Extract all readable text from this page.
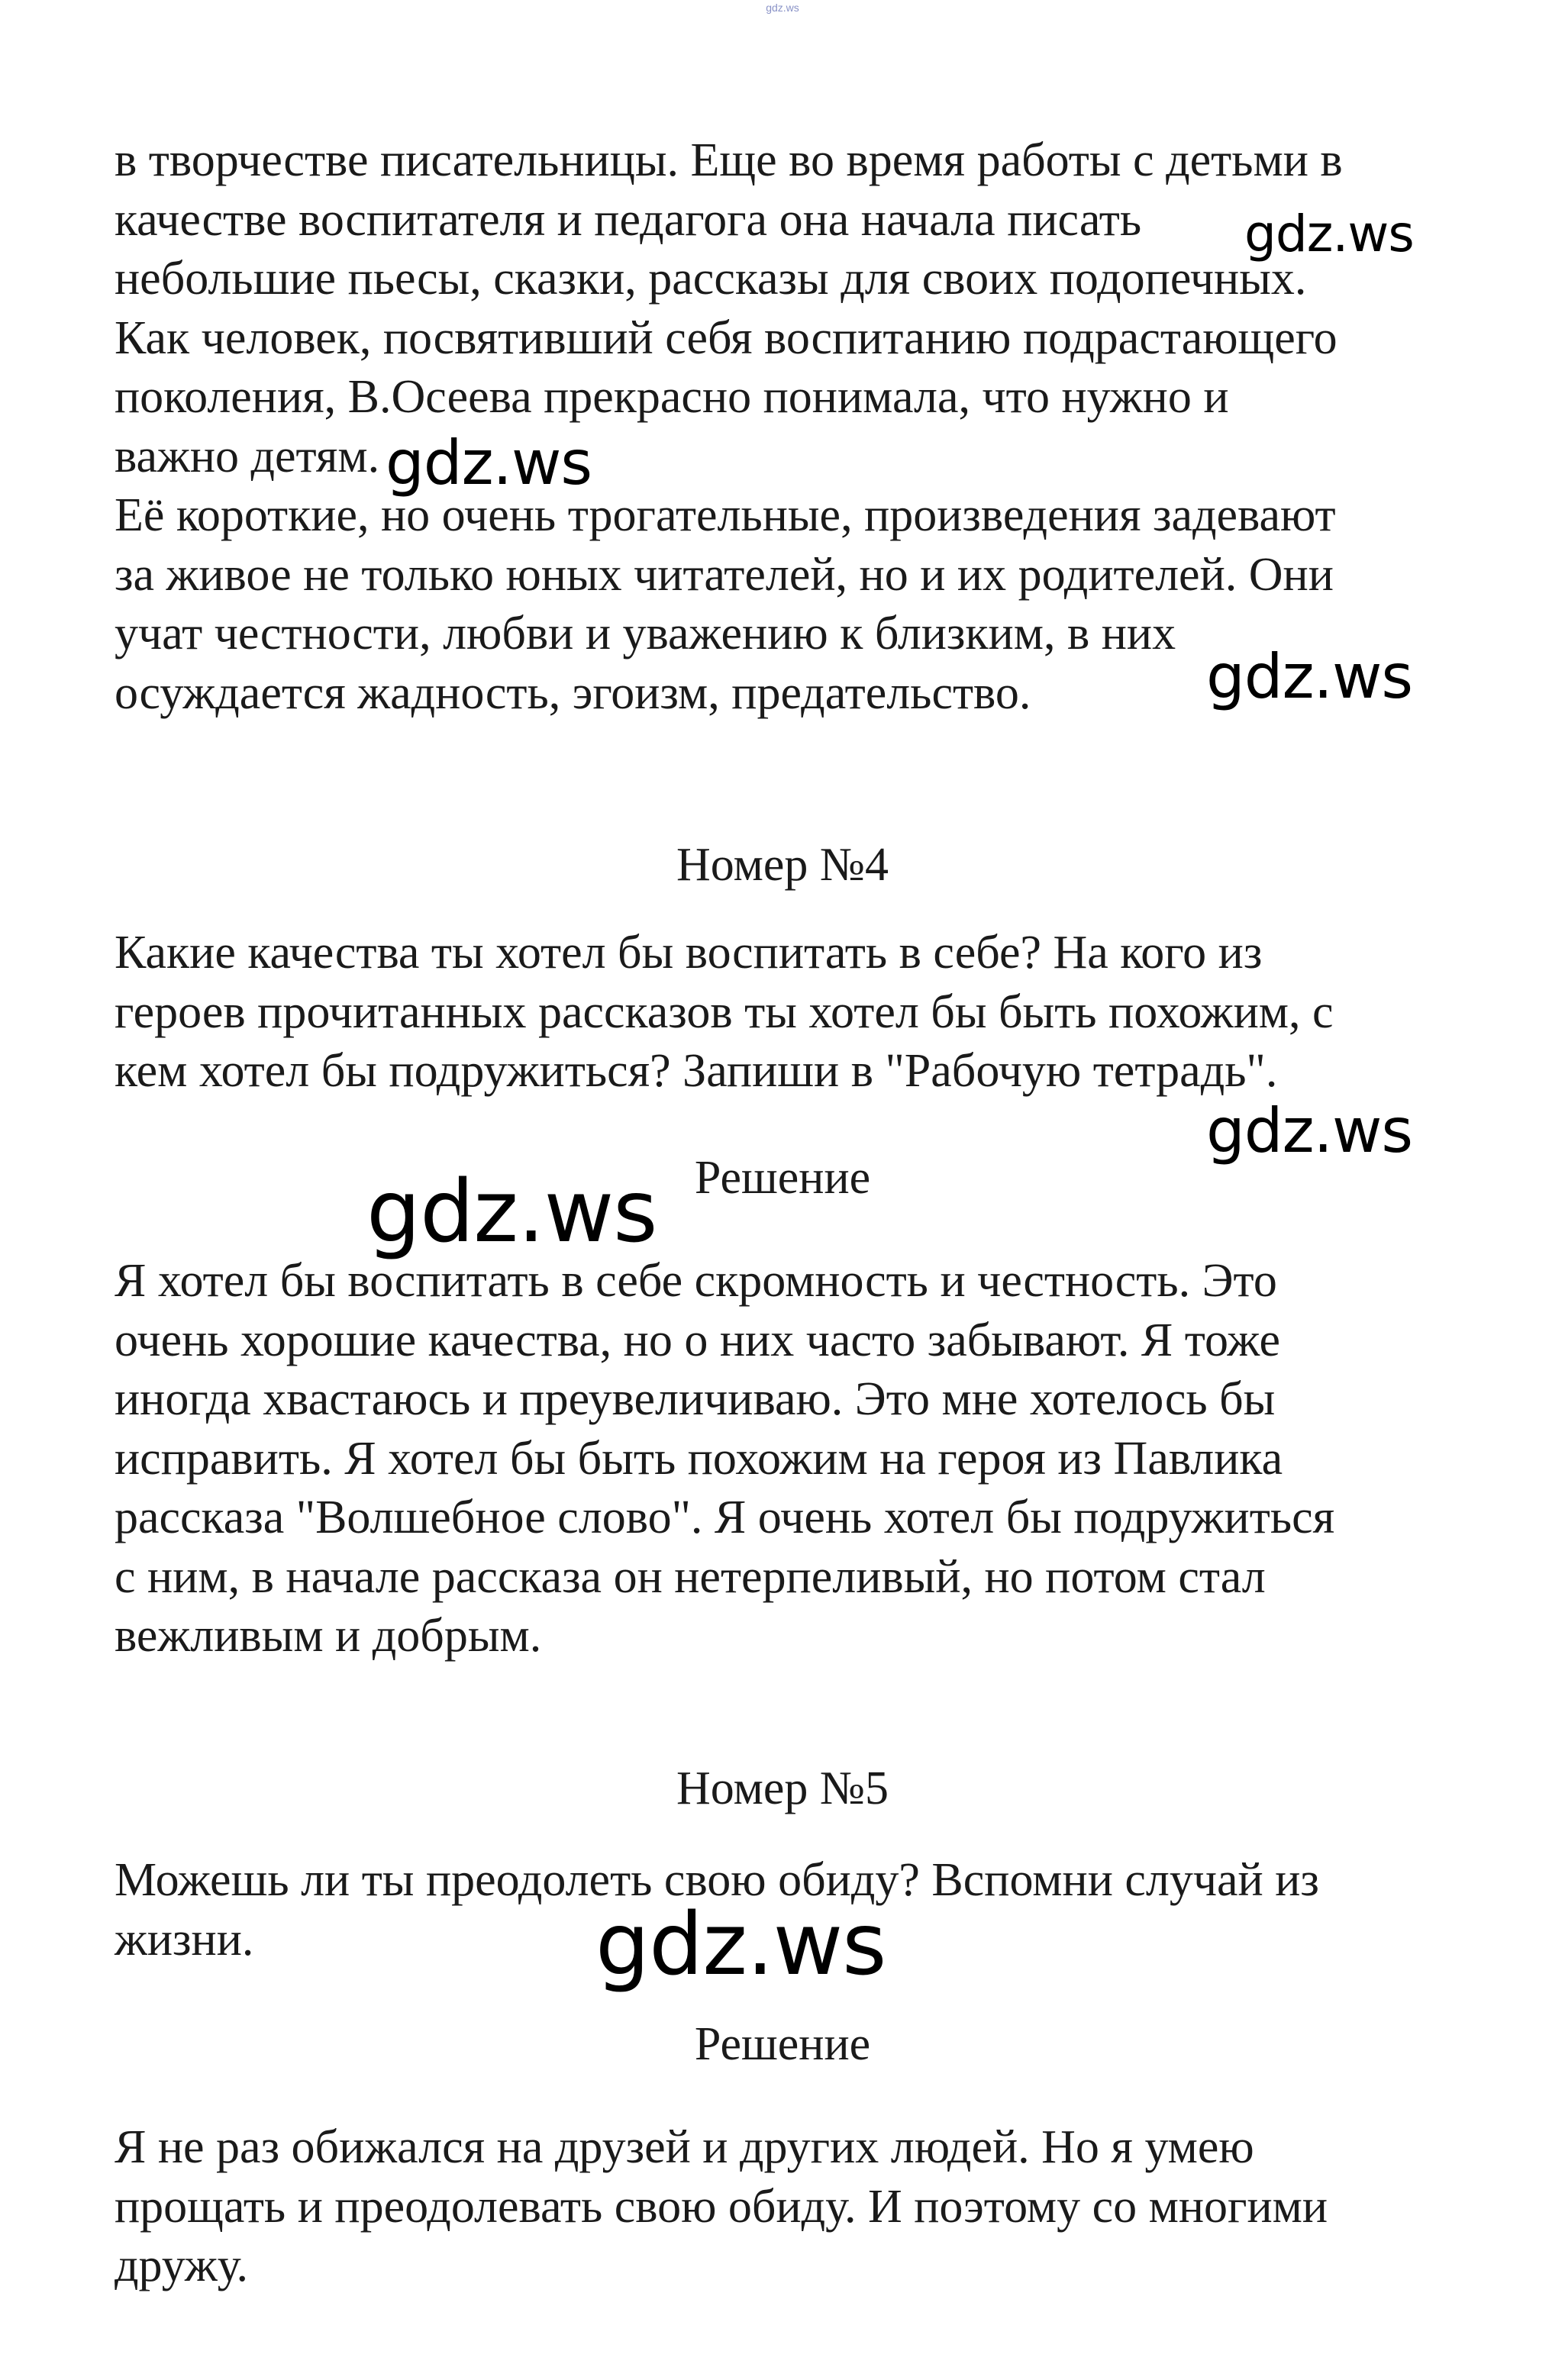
gdz.ws

в творчестве писательницы. Еще во время работы с детьми в
качестве воспитателя и педагога она начала писать
небольшие пьесы, сказки, рассказы для своих подопечных.
Как человек, посвятивший себя воспитанию подрастающего
поколения, В.Осеева прекрасно понимала, что нужно и
важно детям.
Её короткие, но очень трогательные, произведения задевают
за живое не только юных читателей, но и их родителей. Они
учат честности, любви и уважению к близким, в них
осуждается жадность, эгоизм, предательство.

Номер №4

Какие качества ты хотел бы воспитать в себе? На кого из
героев прочитанных рассказов ты хотел бы быть похожим, с
кем хотел бы подружиться? Запиши в "Рабочую тетрадь".

Решение

Я хотел бы воспитать в себе скромность и честность. Это
очень хорошие качества, но о них часто забывают. Я тоже
иногда хвастаюсь и преувеличиваю. Это мне хотелось бы
исправить. Я хотел бы быть похожим на героя из Павлика
рассказа "Волшебное слово". Я очень хотел бы подружиться
с ним, в начале рассказа он нетерпеливый, но потом стал
вежливым и добрым.

Номер №5

Можешь ли ты преодолеть свою обиду? Вспомни случай из
жизни.

Решение

Я не раз обижался на друзей и других людей. Но я умею
прощать и преодолевать свою обиду. И поэтому со многими
дружу.

gdz.ws
gdz.ws
gdz.ws
gdz.ws
gdz.ws
gdz.ws
